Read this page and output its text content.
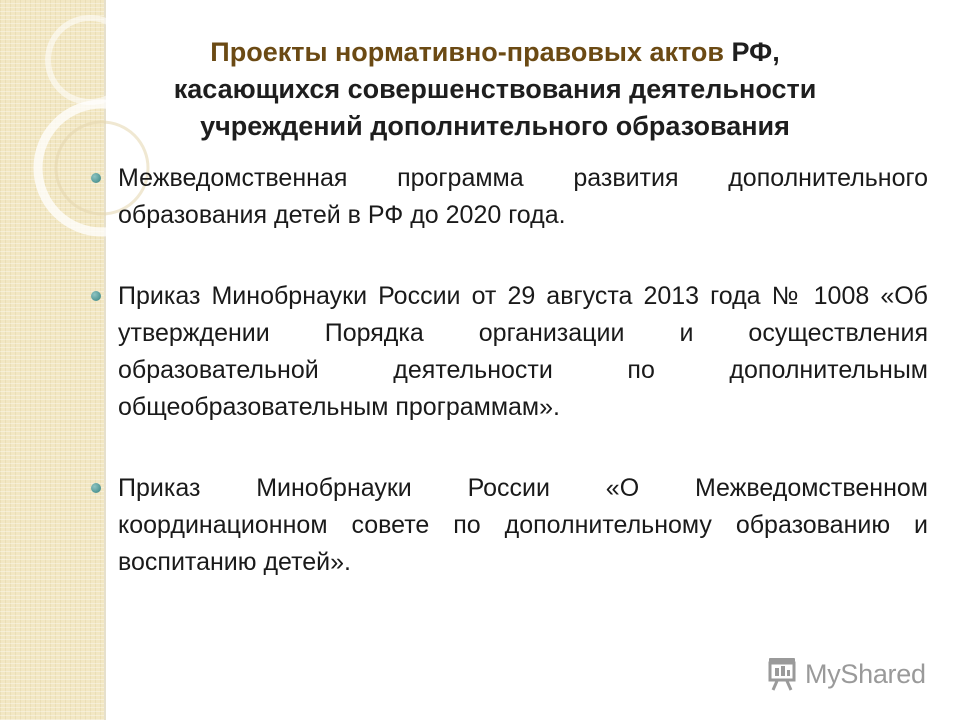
Проекты нормативно-правовых актов РФ,
касающихся совершенствования деятельности
учреждений дополнительного образования
Межведомственная программа развития дополнительного образования детей в РФ до 2020 года.
Приказ Минобрнауки России от 29 августа 2013 года № 1008 «Об утверждении Порядка организации и осуществления образовательной деятельности по дополнительным общеобразовательным программам».
Приказ Минобрнауки России «О Межведомственном координационном совете по дополнительному образованию и воспитанию детей».
MyShared
